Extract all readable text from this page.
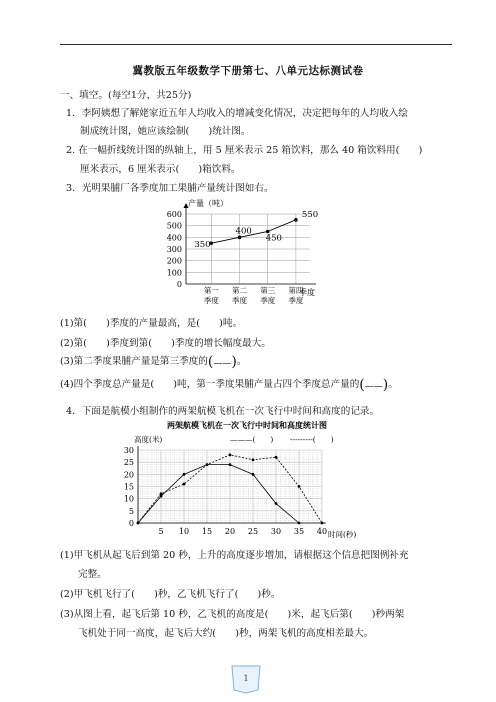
冀教版五年级数学下册第七、八单元达标测试卷
一、填空。(每空1分，共25分)
1．李阿姨想了解姥家近五年人均收入的增减变化情况，决定把每年的人均收入绘
制成统计图，她应该绘制(　　)统计图。
2. 在一幅折线统计图的纵轴上，用 5 厘米表示 25 箱饮料，那么 40 箱饮料用(　　)
厘米表示，6 厘米表示(　　)箱饮料。
3．光明果脯厂各季度加工果脯产量统计图如右。
产量（吨）
0
100
200
300
400
500
600
第一
季度
第二
季度
第三
季度
第四
季度
350
400
450
550
季度
(1)第(　　)季度的产量最高，是(　　)吨。
(2)第(　　)季度到第(　　)季度的增长幅度最大。
(3)第二季度果脯产量是第三季度的(——)。
(4)四个季度总产量是(　　)吨，第一季度果脯产量占四个季度总产量的(——)。
4．下面是航模小组制作的两架航模飞机在一次飞行中时间和高度的记录。
两架航模飞机在一次飞行中时间和高度统计图
高度(米)	———(　　) ---------(　　)
0
5
10
15
20
25
30
5 10 15 20 25 30 35 40 时间(秒)
(1)甲飞机从起飞后到第 20 秒，上升的高度逐步增加，请根据这个信息把图例补充
完整。
(2)甲飞机飞行了(　　)秒，乙飞机飞行了(　　)秒。
(3)从图上看，起飞后第 10 秒，乙飞机的高度是(　　)米，起飞后第(　　)秒两架
飞机处于同一高度，起飞后大约(　　)秒，两架飞机的高度相差最大。
1
